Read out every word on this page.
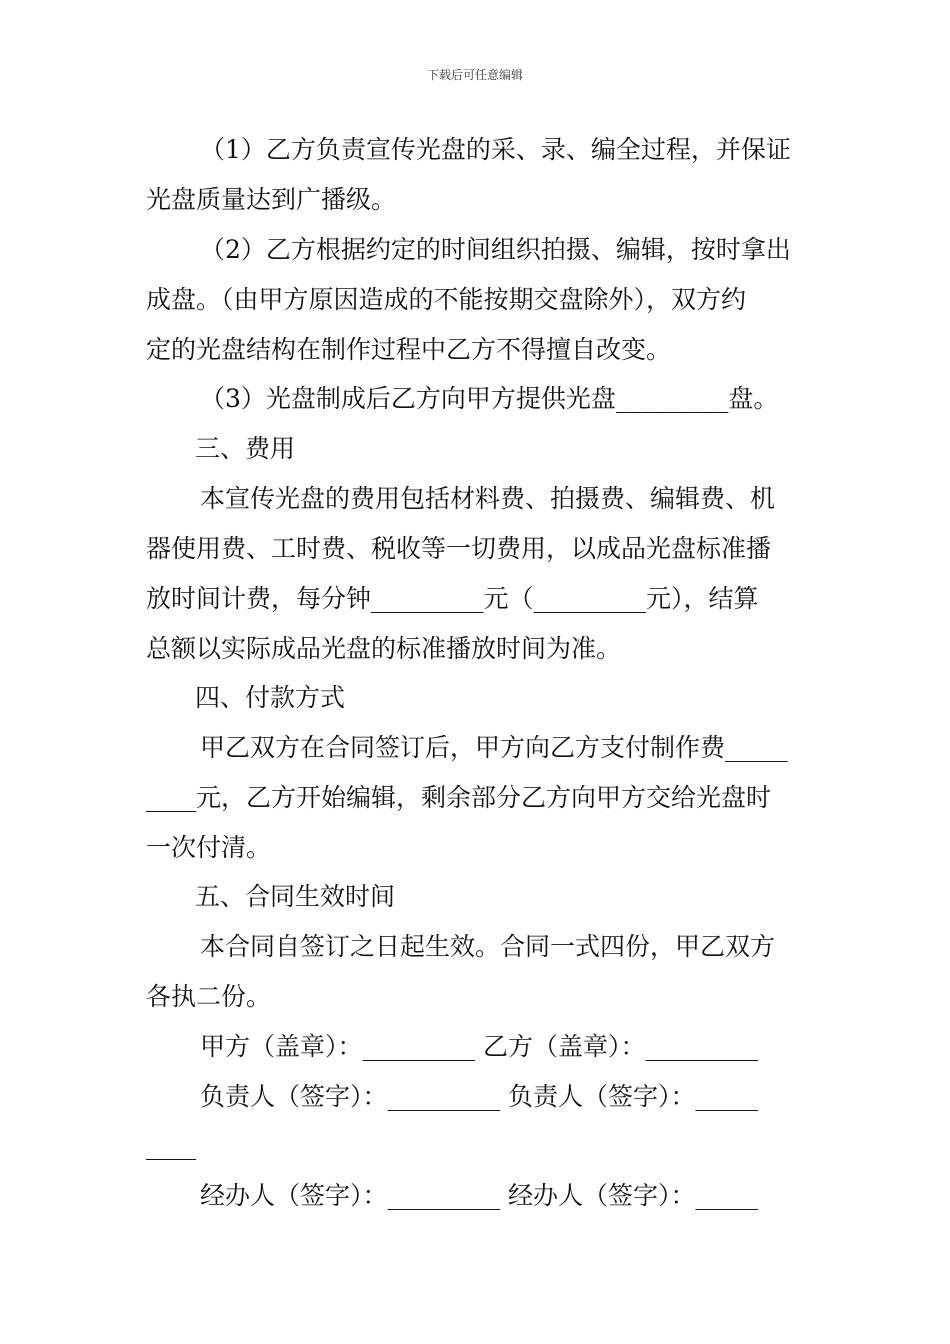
下载后可任意编辑
（1）乙方负责宣传光盘的采、录、编全过程，并保证
光盘质量达到广播级。
（2）乙方根据约定的时间组织拍摄、编辑，按时拿出
成盘。（由甲方原因造成的不能按期交盘除外），双方约
定的光盘结构在制作过程中乙方不得擅自改变。
（3）光盘制成后乙方向甲方提供光盘_________盘。
三、费用
本宣传光盘的费用包括材料费、拍摄费、编辑费、机
器使用费、工时费、税收等一切费用，以成品光盘标准播
放时间计费，每分钟_________元（_________元），结算
总额以实际成品光盘的标准播放时间为准。
四、付款方式
甲乙双方在合同签订后，甲方向乙方支付制作费_____
____元，乙方开始编辑，剩余部分乙方向甲方交给光盘时
一次付清。
五、合同生效时间
本合同自签订之日起生效。合同一式四份，甲乙双方
各执二份。
甲方（盖章）：_________ 乙方（盖章）：_________
负责人（签字）：_________ 负责人（签字）：_____
____
经办人（签字）：_________ 经办人（签字）：_____
